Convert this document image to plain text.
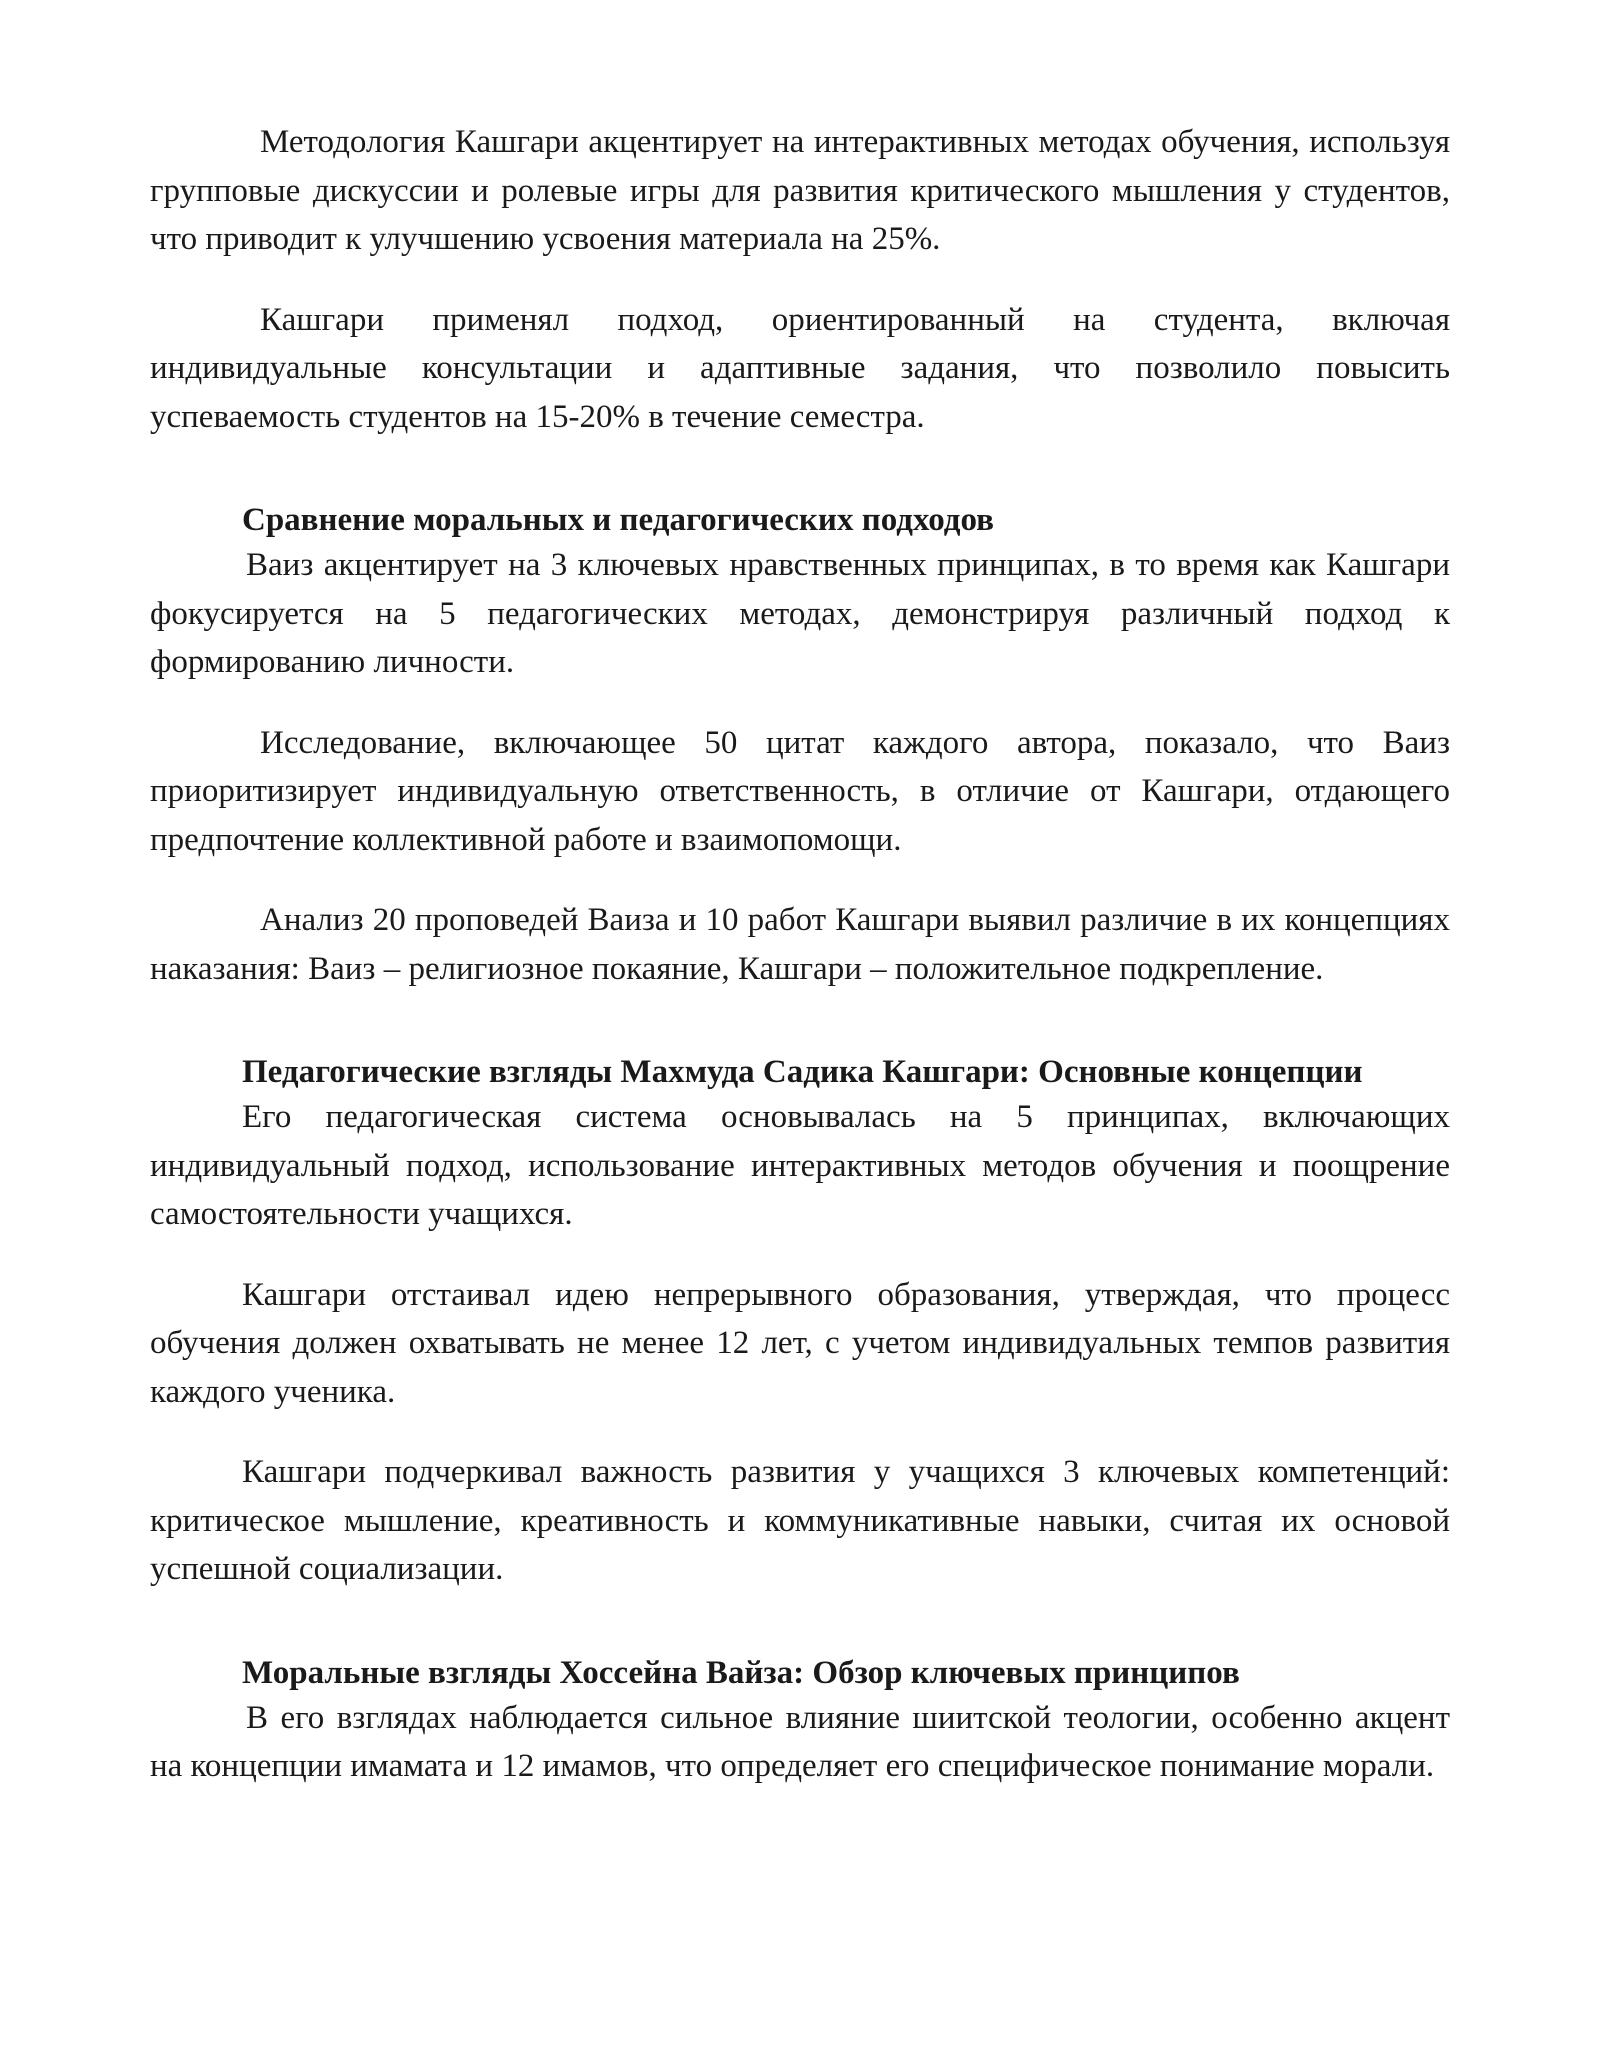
Методология Кашгари акцентирует на интерактивных методах обучения, используя групповые дискуссии и ролевые игры для развития критического мышления у студентов, что приводит к улучшению усвоения материала на 25%.

Кашгари применял подход, ориентированный на студента, включая индивидуальные консультации и адаптивные задания, что позволило повысить успеваемость студентов на 15-20% в течение семестра.

Сравнение моральных и педагогических подходов

Ваиз акцентирует на 3 ключевых нравственных принципах, в то время как Кашгари фокусируется на 5 педагогических методах, демонстрируя различный подход к формированию личности.

Исследование, включающее 50 цитат каждого автора, показало, что Ваиз приоритизирует индивидуальную ответственность, в отличие от Кашгари, отдающего предпочтение коллективной работе и взаимопомощи.

Анализ 20 проповедей Ваиза и 10 работ Кашгари выявил различие в их концепциях наказания: Ваиз – религиозное покаяние, Кашгари – положительное подкрепление.

Педагогические взгляды Махмуда Садика Кашгари: Основные концепции

Его педагогическая система основывалась на 5 принципах, включающих индивидуальный подход, использование интерактивных методов обучения и поощрение самостоятельности учащихся.

Кашгари отстаивал идею непрерывного образования, утверждая, что процесс обучения должен охватывать не менее 12 лет, с учетом индивидуальных темпов развития каждого ученика.

Кашгари подчеркивал важность развития у учащихся 3 ключевых компетенций: критическое мышление, креативность и коммуникативные навыки, считая их основой успешной социализации.

Моральные взгляды Хоссейна Вайза: Обзор ключевых принципов

В его взглядах наблюдается сильное влияние шиитской теологии, особенно акцент на концепции имамата и 12 имамов, что определяет его специфическое понимание морали.
